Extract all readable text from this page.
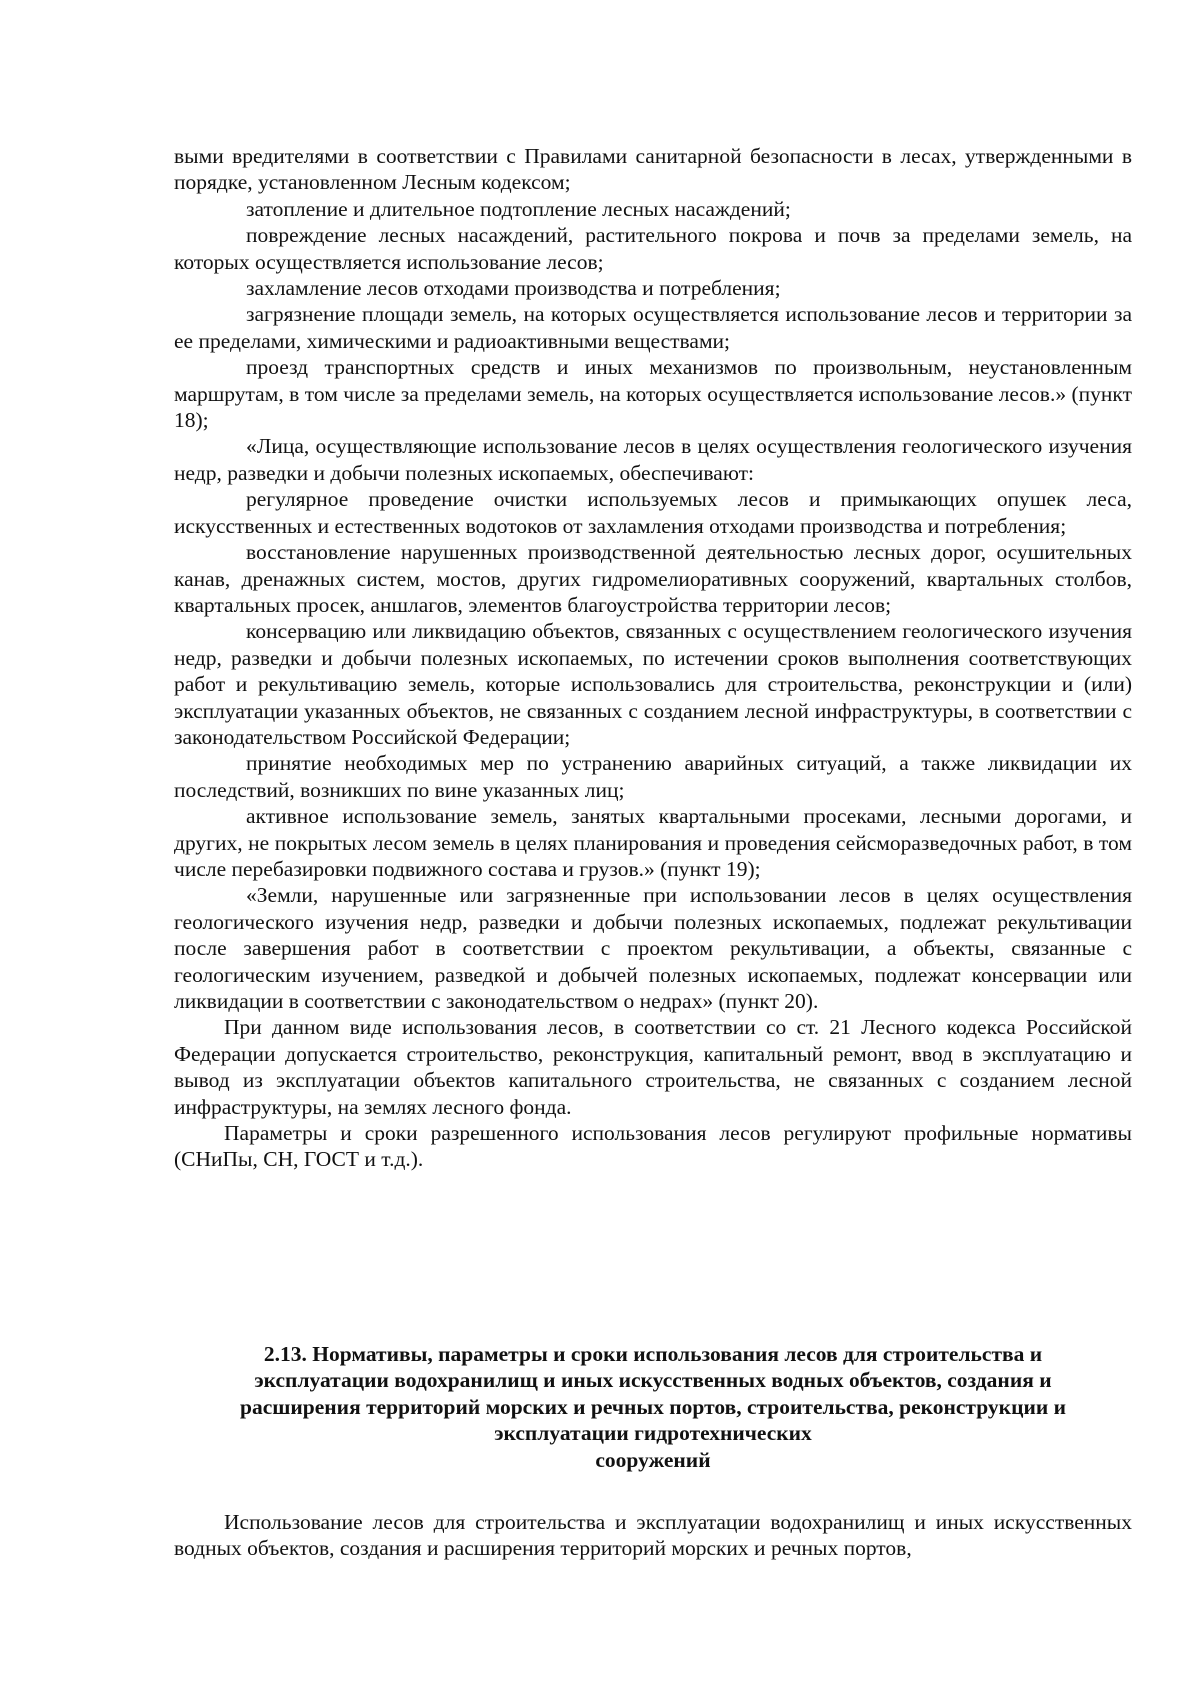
выми вредителями в соответствии с Правилами санитарной безопасности в лесах, утвержденными в порядке, установленном Лесным кодексом;

затопление и длительное подтопление лесных насаждений;

повреждение лесных насаждений, растительного покрова и почв за пределами земель, на которых осуществляется использование лесов;

захламление лесов отходами производства и потребления;

загрязнение площади земель, на которых осуществляется использование лесов и территории за ее пределами, химическими и радиоактивными веществами;

проезд транспортных средств и иных механизмов по произвольным, неустановленным маршрутам, в том числе за пределами земель, на которых осуществляется использование лесов.» (пункт 18);

«Лица, осуществляющие использование лесов в целях осуществления геологического изучения недр, разведки и добычи полезных ископаемых, обеспечивают:

регулярное проведение очистки используемых лесов и примыкающих опушек леса, искусственных и естественных водотоков от захламления отходами производства и потребления;

восстановление нарушенных производственной деятельностью лесных дорог, осушительных канав, дренажных систем, мостов, других гидромелиоративных сооружений, квартальных столбов, квартальных просек, аншлагов, элементов благоустройства территории лесов;

консервацию или ликвидацию объектов, связанных с осуществлением геологического изучения недр, разведки и добычи полезных ископаемых, по истечении сроков выполнения соответствующих работ и рекультивацию земель, которые использовались для строительства, реконструкции и (или) эксплуатации указанных объектов, не связанных с созданием лесной инфраструктуры, в соответствии с законодательством Российской Федерации;

принятие необходимых мер по устранению аварийных ситуаций, а также ликвидации их последствий, возникших по вине указанных лиц;

активное использование земель, занятых квартальными просеками, лесными дорогами, и других, не покрытых лесом земель в целях планирования и проведения сейсморазведочных работ, в том числе перебазировки подвижного состава и грузов.» (пункт 19);

«Земли, нарушенные или загрязненные при использовании лесов в целях осуществления геологического изучения недр, разведки и добычи полезных ископаемых, подлежат рекультивации после завершения работ в соответствии с проектом рекультивации, а объекты, связанные с геологическим изучением, разведкой и добычей полезных ископаемых, подлежат консервации или ликвидации в соответствии с законодательством о недрах» (пункт 20).

При данном виде использования лесов, в соответствии со ст. 21 Лесного кодекса Российской Федерации допускается строительство, реконструкция, капитальный ремонт, ввод в эксплуатацию и вывод из эксплуатации объектов капитального строительства, не связанных с созданием лесной инфраструктуры, на землях лесного фонда.

Параметры и сроки разрешенного использования лесов регулируют профильные нормативы (СНиПы, СН, ГОСТ и т.д.).

2.13. Нормативы, параметры и сроки использования лесов для строительства и
эксплуатации водохранилищ и иных искусственных водных объектов, создания и
расширения территорий морских и речных портов, строительства, реконструкции и
эксплуатации гидротехнических
сооружений

Использование лесов для строительства и эксплуатации водохранилищ и иных искусственных водных объектов, создания и расширения территорий морских и речных портов,
